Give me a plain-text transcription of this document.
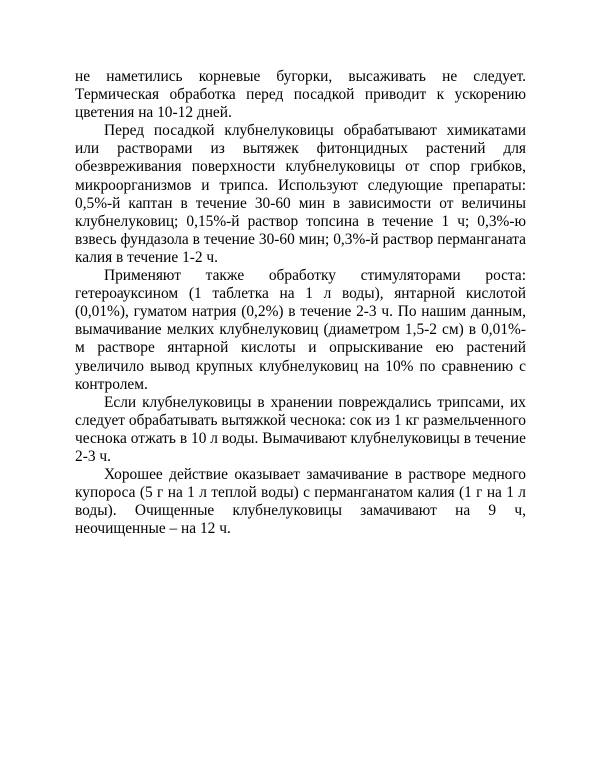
не наметились корневые бугорки, высаживать не следует. Термическая обработка перед посадкой приводит к ускорению цветения на 10-12 дней.

Перед посадкой клубнелуковицы обрабатывают химикатами или растворами из вытяжек фитонцидных растений для обезвреживания поверхности клубнелуковицы от спор грибков, микроорганизмов и трипса. Используют следующие препараты: 0,5%-й каптан в течение 30-60 мин в зависимости от величины клубнелуковиц; 0,15%-й раствор топсина в течение 1 ч; 0,3%-ю взвесь фундазола в течение 30-60 мин; 0,3%-й раствор перманганата калия в течение 1-2 ч.

Применяют также обработку стимуляторами роста: гетероауксином (1 таблетка на 1 л воды), янтарной кислотой (0,01%), гуматом натрия (0,2%) в течение 2-3 ч. По нашим данным, вымачивание мелких клубнелуковиц (диаметром 1,5-2 см) в 0,01%-м растворе янтарной кислоты и опрыскивание ею растений увеличило вывод крупных клубнелуковиц на 10% по сравнению с контролем.

Если клубнелуковицы в хранении повреждались трипсами, их следует обрабатывать вытяжкой чеснока: сок из 1 кг размельченного чеснока отжать в 10 л воды. Вымачивают клубнелуковицы в течение 2-3 ч.

Хорошее действие оказывает замачивание в растворе медного купороса (5 г на 1 л теплой воды) с перманганатом калия (1 г на 1 л воды). Очищенные клубнелуковицы замачивают на 9 ч, неочищенные – на 12 ч.
